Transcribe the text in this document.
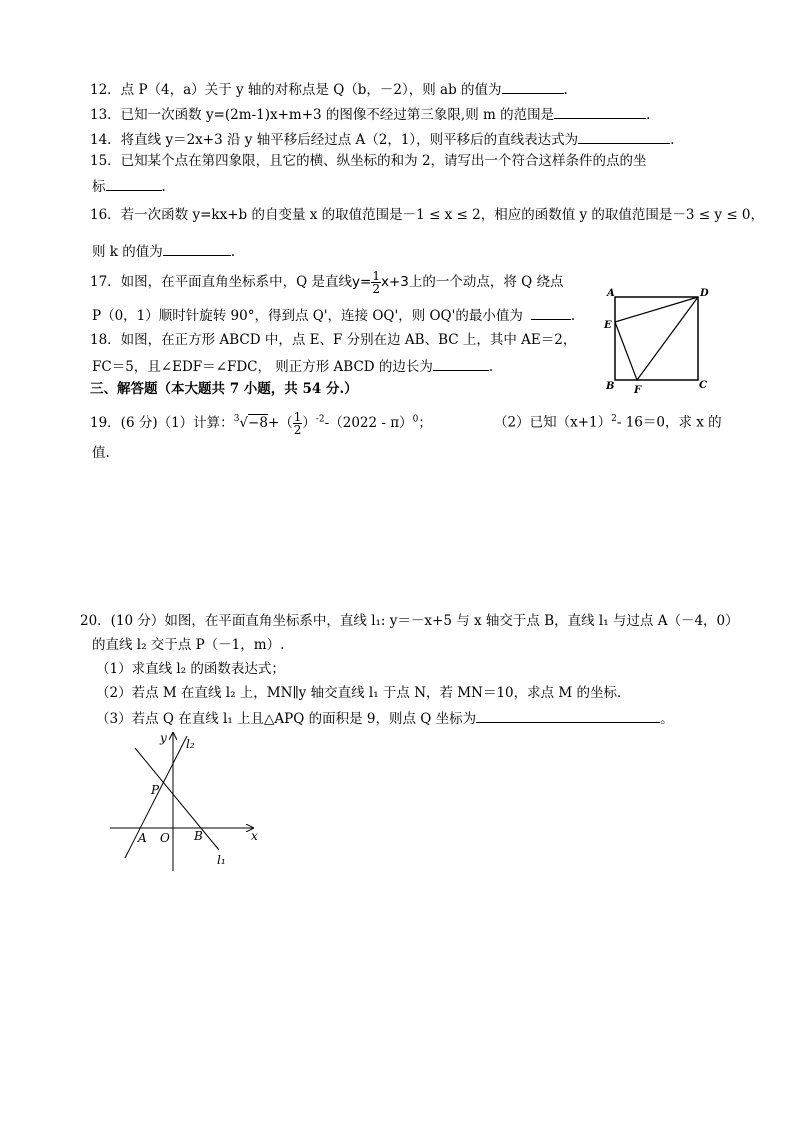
12．点 P（4，a）关于 y 轴的对称点是 Q（b，－2），则 ab 的值为	.
13．已知一次函数 y=(2m-1)x+m+3 的图像不经过第三象限,则 m 的范围是	.
14．将直线 y＝2x+3 沿 y 轴平移后经过点 A（2，1），则平移后的直线表达式为	.
15．已知某个点在第四象限，且它的横、纵坐标的和为 2，请写出一个符合这样条件的点的坐
标	.
16．若一次函数 y=kx+b 的自变量 x 的取值范围是－1 ≤ x ≤ 2，相应的函数值 y 的取值范围是－3 ≤ y ≤ 0，
则 k 的值为	.
17．如图，在平面直角坐标系中，Q 是直线$y= \frac{1}{2} x+3$上的一个动点，将 Q 绕点
P（0，1）顺时针旋转 90°，得到点 Q'，连接 OQ'，则 OQ'的最小值为	.
18．如图，在正方形 ABCD 中，点 E、F 分别在边 AB、BC 上，其中 AE＝2，
FC＝5，且∠EDF＝∠FDC， 则正方形 ABCD 的边长为	.
A	D
E
B F	C
三、解答题（本大题共 7 小题，共 54 分.）
19．(6 分)（1）计算：$^3√-8+( \frac{1}{2} )^{-2}-(2022 - \pi)^0$；	（2）已知$(x+1)^2-$ 16＝0，求 x 的
值.
20．(10 分）如图，在平面直角坐标系中，直线 l₁: y＝－x+5 与 x 轴交于点 B，直线 l₁ 与过点 A（－4，0）
的直线 l₂ 交于点 P（－1，m）.
（1）求直线 l₂ 的函数表达式；
（2）若点 M 在直线 l₂ 上，MN∥y 轴交直线 l₁ 于点 N，若 MN＝10，求点 M 的坐标．
（3）若点 Q 在直线 l₁ 上且△APQ 的面积是 9，则点 Q 坐标为	。
y l₂
P
A O B	x
l₁
